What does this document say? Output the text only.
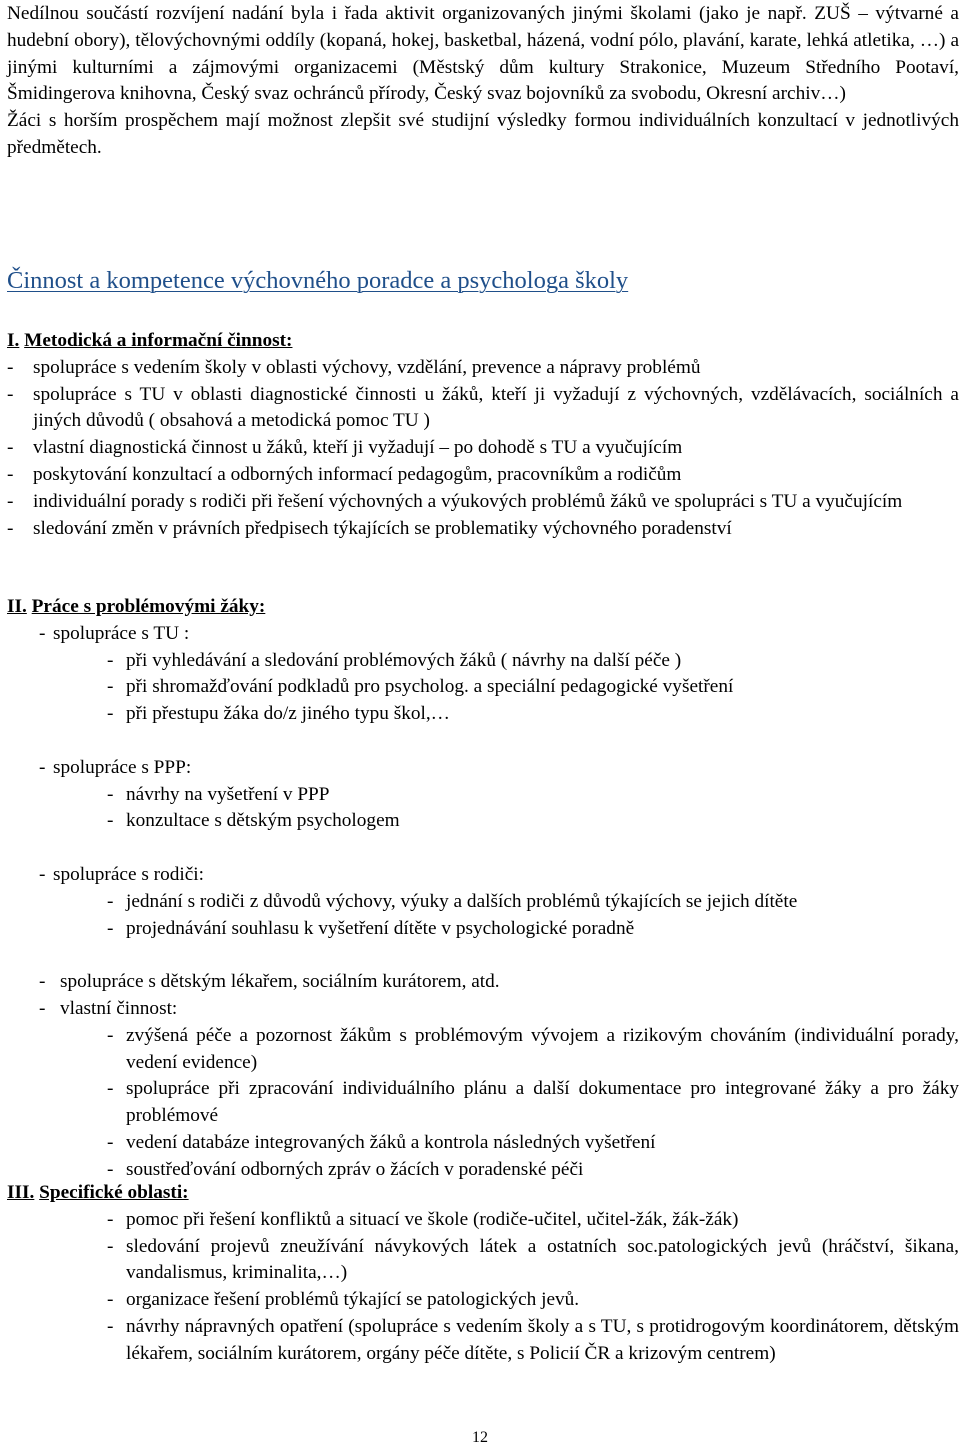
Nedílnou součástí rozvíjení nadání byla i řada aktivit organizovaných jinými školami (jako je např. ZUŠ – výtvarné a hudební obory), tělovýchovnými oddíly (kopaná, hokej, basketbal, házená, vodní pólo, plavání, karate, lehká atletika, …) a jinými kulturními a zájmovými organizacemi (Městský dům kultury Strakonice, Muzeum Středního Pootaví, Šmidingerova knihovna, Český svaz ochránců přírody, Český svaz bojovníků za svobodu, Okresní archiv…)

Žáci s horším prospěchem mají možnost zlepšit své studijní výsledky formou individuálních konzultací v jednotlivých předmětech.

Činnost a kompetence výchovného poradce a psychologa školy

I. Metodická a informační činnost:

-	spolupráce s vedením školy v oblasti výchovy, vzdělání, prevence a nápravy problémů
-	spolupráce s TU v oblasti diagnostické činnosti u žáků, kteří ji vyžadují z výchovných, vzdělávacích, sociálních a jiných důvodů ( obsahová a metodická pomoc TU )
-	vlastní diagnostická činnost u žáků, kteří ji vyžadují – po dohodě s TU a vyučujícím
-	poskytování konzultací a odborných informací pedagogům, pracovníkům a rodičům
-	individuální porady s rodiči při řešení výchovných a výukových problémů žáků ve spolupráci s TU a vyučujícím
-	sledování změn v právních předpisech týkajících se problematiky výchovného poradenství

II. Práce s problémovými žáky:

- spolupráce s TU :
- při vyhledávání a sledování problémových žáků ( návrhy na další péče )
- při shromažďování podkladů pro psycholog. a speciální pedagogické vyšetření
- při přestupu žáka do/z jiného typu škol,…
- spolupráce s PPP:
- návrhy na vyšetření v PPP
- konzultace s dětským psychologem
- spolupráce s rodiči:
- jednání s rodiči z důvodů výchovy, výuky a dalších problémů týkajících se jejich dítěte
- projednávání souhlasu k vyšetření dítěte v psychologické poradně
- spolupráce s dětským lékařem, sociálním kurátorem, atd.
- vlastní činnost:
- zvýšená péče a pozornost žákům s problémovým vývojem a rizikovým chováním (individuální porady, vedení evidence)
- spolupráce při zpracování individuálního plánu a další dokumentace pro integrované žáky a pro žáky problémové
- vedení databáze integrovaných žáků a kontrola následných vyšetření
- soustřeďování odborných zpráv o žácích v poradenské péči

III. Specifické oblasti:

- pomoc při řešení konfliktů a situací ve škole (rodiče-učitel, učitel-žák, žák-žák)
- sledování projevů zneužívání návykových látek a ostatních soc.patologických jevů (hráčství, šikana, vandalismus, kriminalita,…)
- organizace řešení problémů týkající se patologických jevů.
- návrhy nápravných opatření (spolupráce s vedením školy a s TU, s protidrogovým koordinátorem, dětským lékařem, sociálním kurátorem, orgány péče dítěte, s Policií ČR a krizovým centrem)
12
